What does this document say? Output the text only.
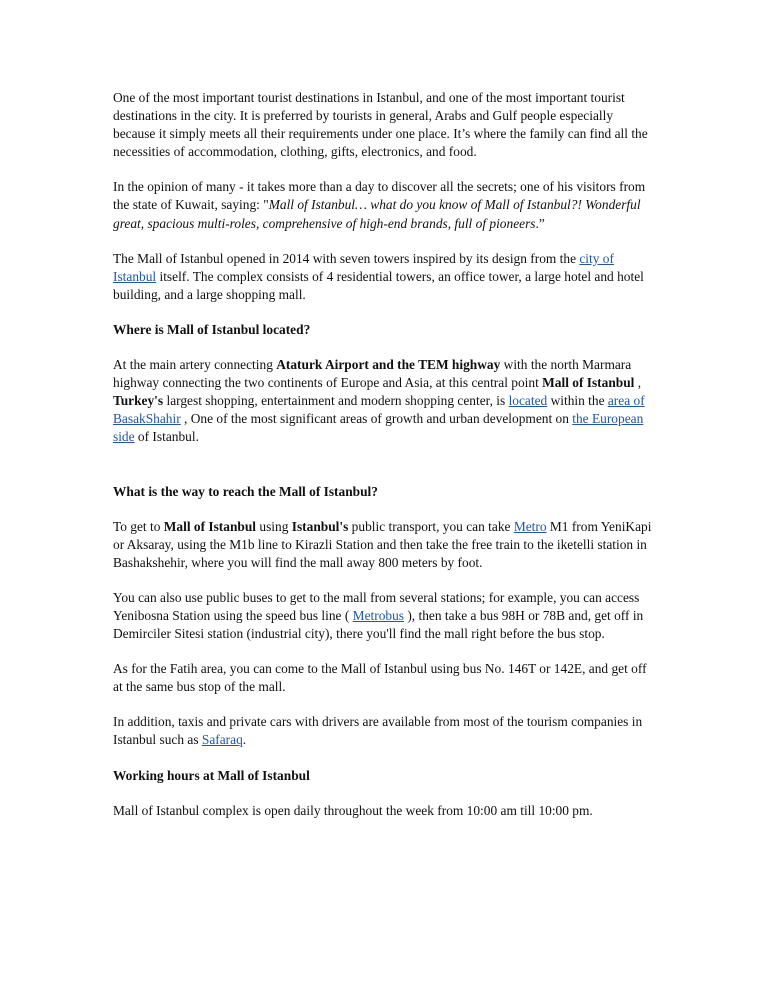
One of the most important tourist destinations in Istanbul, and one of the most important tourist destinations in the city. It is preferred by tourists in general, Arabs and Gulf people especially because it simply meets all their requirements under one place. It’s where the family can find all the necessities of accommodation, clothing, gifts, electronics, and food.

In the opinion of many - it takes more than a day to discover all the secrets; one of his visitors from the state of Kuwait, saying: "Mall of Istanbul… what do you know of Mall of Istanbul?! Wonderful great, spacious multi-roles, comprehensive of high-end brands, full of pioneers.”

The Mall of Istanbul opened in 2014 with seven towers inspired by its design from the city of Istanbul itself. The complex consists of 4 residential towers, an office tower, a large hotel and hotel building, and a large shopping mall.

Where is Mall of Istanbul located?

At the main artery connecting Ataturk Airport and the TEM highway with the north Marmara highway connecting the two continents of Europe and Asia, at this central point Mall of Istanbul , Turkey's largest shopping, entertainment and modern shopping center, is located within the area of BasakShahir , One of the most significant areas of growth and urban development on the European side of Istanbul.

What is the way to reach the Mall of Istanbul?

To get to Mall of Istanbul using Istanbul's public transport, you can take Metro M1 from YeniKapi or Aksaray, using the M1b line to Kirazli Station and then take the free train to the iketelli station in Bashakshehir, where you will find the mall away 800 meters by foot.

You can also use public buses to get to the mall from several stations; for example, you can access Yenibosna Station using the speed bus line ( Metrobus ), then take a bus 98H or 78B and, get off in Demirciler Sitesi station (industrial city), there you'll find the mall right before the bus stop.

As for the Fatih area, you can come to the Mall of Istanbul using bus No. 146T or 142E, and get off at the same bus stop of the mall.

In addition, taxis and private cars with drivers are available from most of the tourism companies in Istanbul such as Safaraq.

Working hours at Mall of Istanbul

Mall of Istanbul complex is open daily throughout the week from 10:00 am till 10:00 pm.
